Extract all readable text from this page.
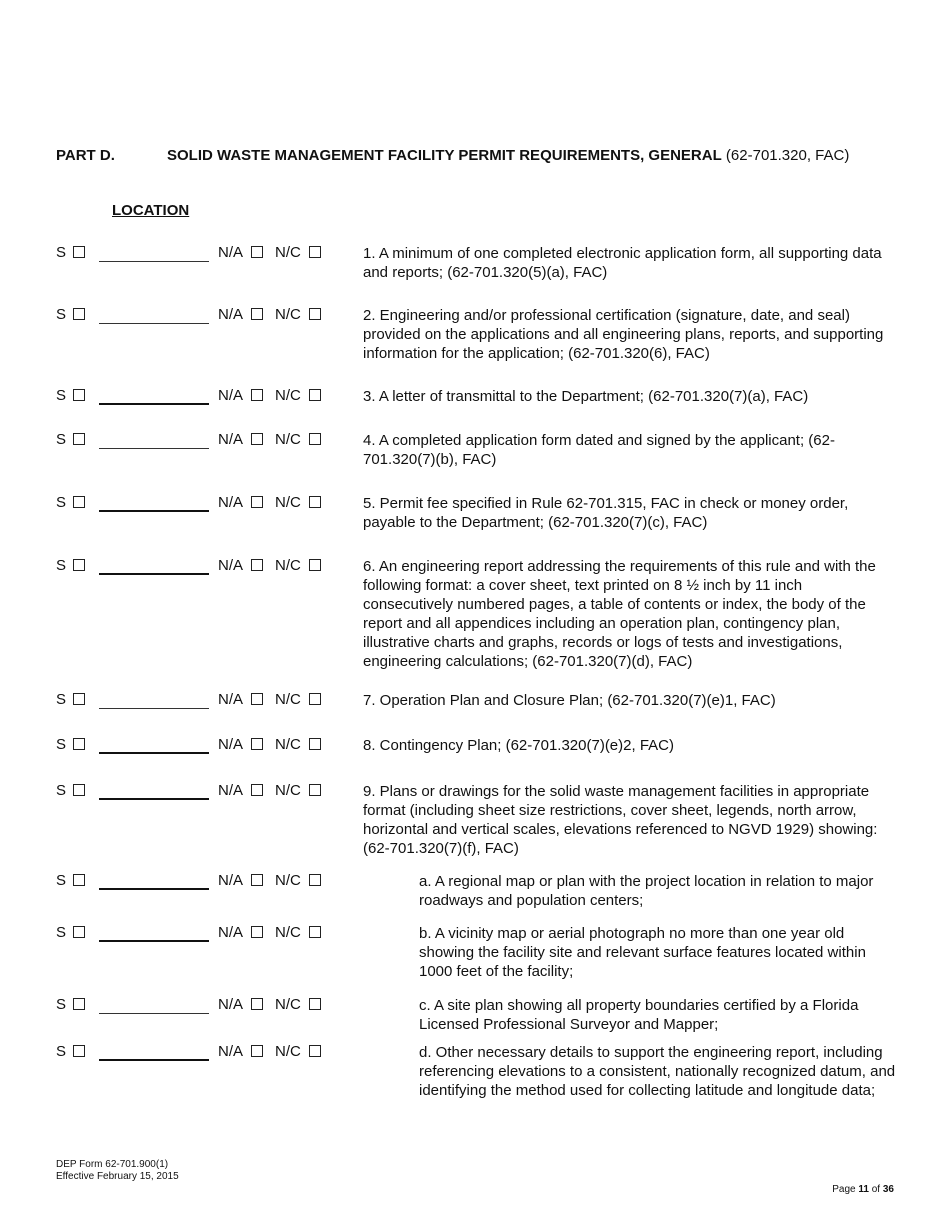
PART D.	SOLID WASTE MANAGEMENT FACILITY PERMIT REQUIREMENTS, GENERAL (62-701.320, FAC)
LOCATION
S	N/A N/C	1. A minimum of one completed electronic application form, all supporting data and reports; (62-701.320(5)(a), FAC)
S	N/A N/C	2. Engineering and/or professional certification (signature, date, and seal) provided on the applications and all engineering plans, reports, and supporting information for the application; (62-701.320(6), FAC)
S	N/A N/C	3. A letter of transmittal to the Department; (62-701.320(7)(a), FAC)
S	N/A N/C	4. A completed application form dated and signed by the applicant; (62-701.320(7)(b), FAC)
S	N/A N/C	5. Permit fee specified in Rule 62-701.315, FAC in check or money order, payable to the Department; (62-701.320(7)(c), FAC)
S	N/A N/C	6. An engineering report addressing the requirements of this rule and with the following format: a cover sheet, text printed on 8 ½ inch by 11 inch consecutively numbered pages, a table of contents or index, the body of the report and all appendices including an operation plan, contingency plan, illustrative charts and graphs, records or logs of tests and investigations, engineering calculations; (62-701.320(7)(d), FAC)
S	N/A N/C	7. Operation Plan and Closure Plan; (62-701.320(7)(e)1, FAC)
S	N/A N/C	8. Contingency Plan; (62-701.320(7)(e)2, FAC)
S	N/A N/C	9. Plans or drawings for the solid waste management facilities in appropriate format (including sheet size restrictions, cover sheet, legends, north arrow, horizontal and vertical scales, elevations referenced to NGVD 1929) showing: (62-701.320(7)(f), FAC)
S	N/A N/C	a. A regional map or plan with the project location in relation to major roadways and population centers;
S	N/A N/C	b. A vicinity map or aerial photograph no more than one year old showing the facility site and relevant surface features located within 1000 feet of the facility;
S	N/A N/C	c. A site plan showing all property boundaries certified by a Florida Licensed Professional Surveyor and Mapper;
S	N/A N/C	d. Other necessary details to support the engineering report, including referencing elevations to a consistent, nationally recognized datum, and identifying the method used for collecting latitude and longitude data;
DEP Form 62-701.900(1)
Effective February 15, 2015
Page 11 of 36
